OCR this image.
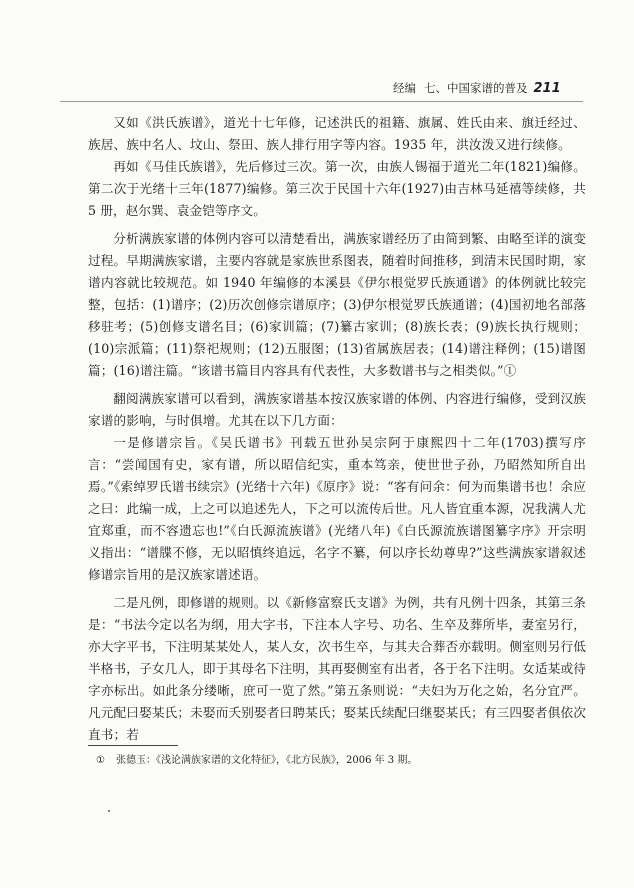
经编 七、中国家谱的普及 211

又如《洪氏族谱》，道光十七年修，记述洪氏的祖籍、旗属、姓氏由来、旗迁经过、族居、族中名人、坟山、祭田、族人排行用字等内容。1935 年，洪汝泼又进行续修。

再如《马佳氏族谱》，先后修过三次。第一次，由族人锡福于道光二年(1821)编修。第二次于光绪十三年(1877)编修。第三次于民国十六年(1927)由吉林马延禧等续修，共 5 册，赵尔巽、袁金铠等序文。

分析满族家谱的体例内容可以清楚看出，满族家谱经历了由简到繁、由略至详的演变过程。早期满族家谱，主要内容就是家族世系图表，随着时间推移，到清末民国时期，家谱内容就比较规范。如 1940 年编修的本溪县《伊尔根觉罗氏族通谱》的体例就比较完整，包括：(1)谱序；(2)历次创修宗谱原序；(3)伊尔根觉罗氏族通谱；(4)国初地名部落移驻考；(5)创修支谱名目；(6)家训篇；(7)纂古家训；(8)族长表；(9)族长执行规则；(10)宗派篇；(11)祭祀规则；(12)五服图；(13)省属族居表；(14)谱注释例；(15)谱图篇；(16)谱注篇。“该谱书篇目内容具有代表性，大多数谱书与之相类似。”①

翻阅满族家谱可以看到，满族家谱基本按汉族家谱的体例、内容进行编修，受到汉族家谱的影响，与时俱增。尤其在以下几方面：

一是修谱宗旨。《吴氏谱书》刊载五世孙吴宗阿于康熙四十二年(1703)撰写序言：“尝闻国有史，家有谱，所以昭信纪实，重本笃亲，使世世子孙，乃昭然知所自出焉。”《索绰罗氏谱书续宗》(光绪十六年)《原序》说：“客有问余：何为而集谱书也！余应之曰：此编一成，上之可以追述先人，下之可以流传后世。凡人皆宜重本源，况我满人尤宜郑重，而不容遗忘也!”《白氏源流族谱》(光绪八年)《白氏源流族谱图纂字序》开宗明义指出：“谱牒不修，无以昭慎终追远，名字不纂，何以序长幼尊卑?”这些满族家谱叙述修谱宗旨用的是汉族家谱述语。

二是凡例，即修谱的规则。以《新修富察氏支谱》为例，共有凡例十四条，其第三条是：“书法今定以名为纲，用大字书，下注本人字号、功名、生卒及葬所毕，妻室另行，亦大字平书，下注明某某处人，某人女，次书生卒，与其夫合葬否亦载明。侧室则另行低半格书，子女几人，即于其母名下注明，其再娶侧室有出者，各于名下注明。女适某或待字亦标出。如此条分缕晰，庶可一览了然。”第五条则说：“夫妇为万化之始，名分宜严。凡元配曰娶某氏；未娶而夭别娶者曰聘某氏；娶某氏续配曰继娶某氏；有三四娶者俱依次直书；若

① 张德玉：《浅论满族家谱的文化特征》，《北方民族》，2006 年 3 期。
